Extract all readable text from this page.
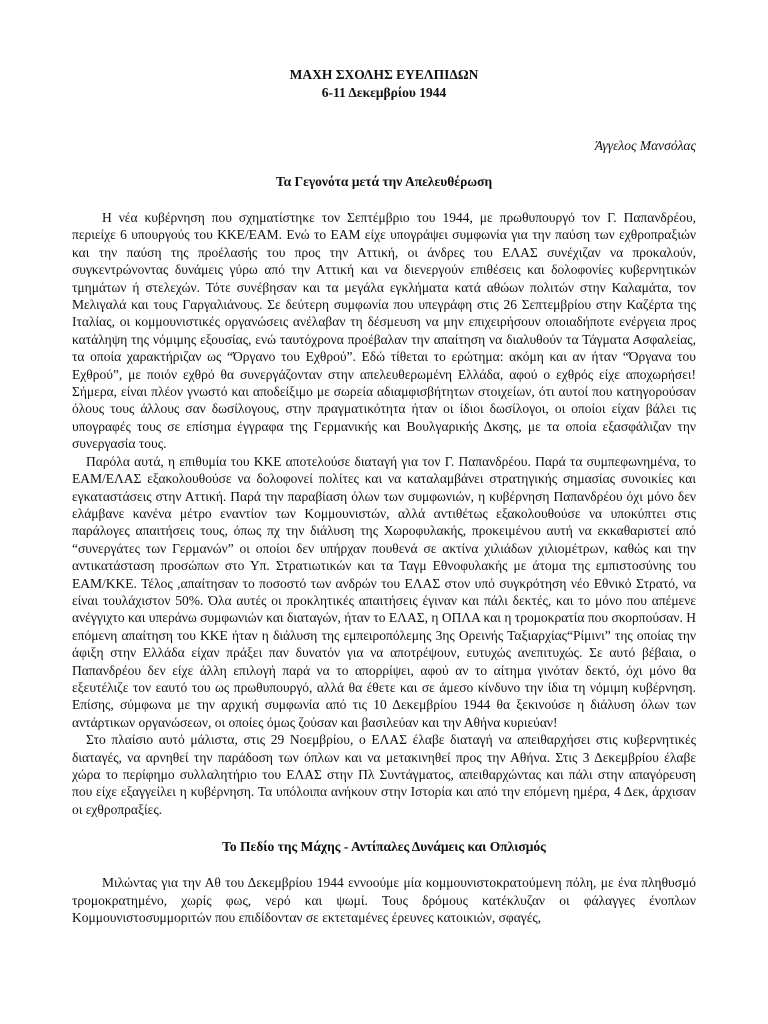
ΜΑΧΗ ΣΧΟΛΗΣ ΕΥΕΛΠΙΔΩΝ

6-11 Δεκεμβρίου 1944

Άγγελος Μανσόλας

Τα Γεγονότα μετά την Απελευθέρωση

Η νέα κυβέρνηση που σχηματίστηκε τον Σεπτέμβριο του 1944, με πρωθυπουργό τον Γ. Παπανδρέου, περιείχε 6 υπουργούς του ΚΚΕ/ΕΑΜ. Ενώ το ΕΑΜ είχε υπογράψει συμφωνία για την παύση των εχθροπραξιών και την παύση της προέλασής του προς την Αττική, οι άνδρες του ΕΛΑΣ συνέχιζαν να προκαλούν, συγκεντρώνοντας δυνάμεις γύρω από την Αττική και να διενεργούν επιθέσεις και δολοφονίες κυβερνητικών τμημάτων ή στελεχών. Τότε συνέβησαν και τα μεγάλα εγκλήματα κατά αθώων πολιτών στην Καλαμάτα, τον Μελιγαλά και τους Γαργαλιάνους. Σε δεύτερη συμφωνία που υπεγράφη στις 26 Σεπτεμβρίου στην Καζέρτα της Ιταλίας, οι κομμουνιστικές οργανώσεις ανέλαβαν τη δέσμευση να μην επιχειρήσουν οποιαδήποτε ενέργεια προς κατάληψη της νόμιμης εξουσίας, ενώ ταυτόχρονα προέβαλαν την απαίτηση να διαλυθούν τα Τάγματα Ασφαλείας, τα οποία χαρακτήριζαν ως “Όργανο του Εχθρού”. Εδώ τίθεται το ερώτημα: ακόμη και αν ήταν “Όργανα του Εχθρού”, με ποιόν εχθρό θα συνεργάζονταν στην απελευθερωμένη Ελλάδα, αφού ο εχθρός είχε αποχωρήσει! Σήμερα, είναι πλέον γνωστό και αποδείξιμο με σωρεία αδιαμφισβήτητων στοιχείων, ότι αυτοί που κατηγορούσαν όλους τους άλλους σαν δωσίλογους, στην πραγματικότητα ήταν οι ίδιοι δωσίλογοι, οι οποίοι είχαν βάλει τις υπογραφές τους σε επίσημα έγγραφα της Γερμανικής και Βουλγαρικής Δκσης, με τα οποία εξασφάλιζαν την συνεργασία τους.

Παρόλα αυτά, η επιθυμία του ΚΚΕ αποτελούσε διαταγή για τον Γ. Παπανδρέου. Παρά τα συμπεφωνημένα, το ΕΑΜ/ΕΛΑΣ εξακολουθούσε να δολοφονεί πολίτες και να καταλαμβάνει στρατηγικής σημασίας συνοικίες και εγκαταστάσεις στην Αττική. Παρά την παραβίαση όλων των συμφωνιών, η κυβέρνηση Παπανδρέου όχι μόνο δεν ελάμβανε κανένα μέτρο εναντίον των Κομμουνιστών, αλλά αντιθέτως εξακολουθούσε να υποκύπτει στις παράλογες απαιτήσεις τους, όπως πχ την διάλυση της Χωροφυλακής, προκειμένου αυτή να εκκαθαριστεί από “συνεργάτες των Γερμανών” οι οποίοι δεν υπήρχαν πουθενά σε ακτίνα χιλιάδων χιλιομέτρων, καθώς και την αντικατάσταση προσώπων στο Υπ. Στρατιωτικών και τα Ταγμ Εθνοφυλακής με άτομα της εμπιστοσύνης του ΕΑΜ/ΚΚΕ. Τέλος ,απαίτησαν το ποσοστό των ανδρών του ΕΛΑΣ στον υπό συγκρότηση νέο Εθνικό Στρατό, να είναι τουλάχιστον 50%. Όλα αυτές οι προκλητικές απαιτήσεις έγιναν και πάλι δεκτές, και το μόνο που απέμενε ανέγγιχτο και υπεράνω συμφωνιών και διαταγών, ήταν το ΕΛΑΣ, η ΟΠΛΑ και η τρομοκρατία που σκορπούσαν. Η επόμενη απαίτηση του ΚΚΕ ήταν η διάλυση της εμπειροπόλεμης 3ης Ορεινής Ταξιαρχίας“Ρίμινι” της οποίας την άφιξη στην Ελλάδα είχαν πράξει παν δυνατόν για να αποτρέψουν, ευτυχώς ανεπιτυχώς. Σε αυτό βέβαια, ο Παπανδρέου δεν είχε άλλη επιλογή παρά να το απορρίψει, αφού αν το αίτημα γινόταν δεκτό, όχι μόνο θα εξευτέλιζε τον εαυτό του ως πρωθυπουργό, αλλά θα έθετε και σε άμεσο κίνδυνο την ίδια τη νόμιμη κυβέρνηση. Επίσης, σύμφωνα με την αρχική συμφωνία από τις 10 Δεκεμβρίου 1944 θα ξεκινούσε η διάλυση όλων των αντάρτικων οργανώσεων, οι οποίες όμως ζούσαν και βασιλεύαν και την Αθήνα κυριεύαν!

Στο πλαίσιο αυτό μάλιστα, στις 29 Νοεμβρίου, ο ΕΛΑΣ έλαβε διαταγή να απειθαρχήσει στις κυβερνητικές διαταγές, να αρνηθεί την παράδοση των όπλων και να μετακινηθεί προς την Αθήνα. Στις 3 Δεκεμβρίου έλαβε χώρα το περίφημο συλλαλητήριο του ΕΛΑΣ στην Πλ Συντάγματος, απειθαρχώντας και πάλι στην απαγόρευση που είχε εξαγγείλει η κυβέρνηση. Τα υπόλοιπα ανήκουν στην Ιστορία και από την επόμενη ημέρα, 4 Δεκ, άρχισαν οι εχθροπραξίες.

Το Πεδίο της Μάχης - Αντίπαλες Δυνάμεις και Οπλισμός

Μιλώντας για την Αθ του Δεκεμβρίου 1944 εννοούμε μία κομμουνιστοκρατούμενη πόλη, με ένα πληθυσμό τρομοκρατημένο, χωρίς φως, νερό και ψωμί. Τους δρόμους κατέκλυζαν οι φάλαγγες ένοπλων Κομμουνιστοσυμμοριτών που επιδίδονταν σε εκτεταμένες έρευνες κατοικιών, σφαγές,
